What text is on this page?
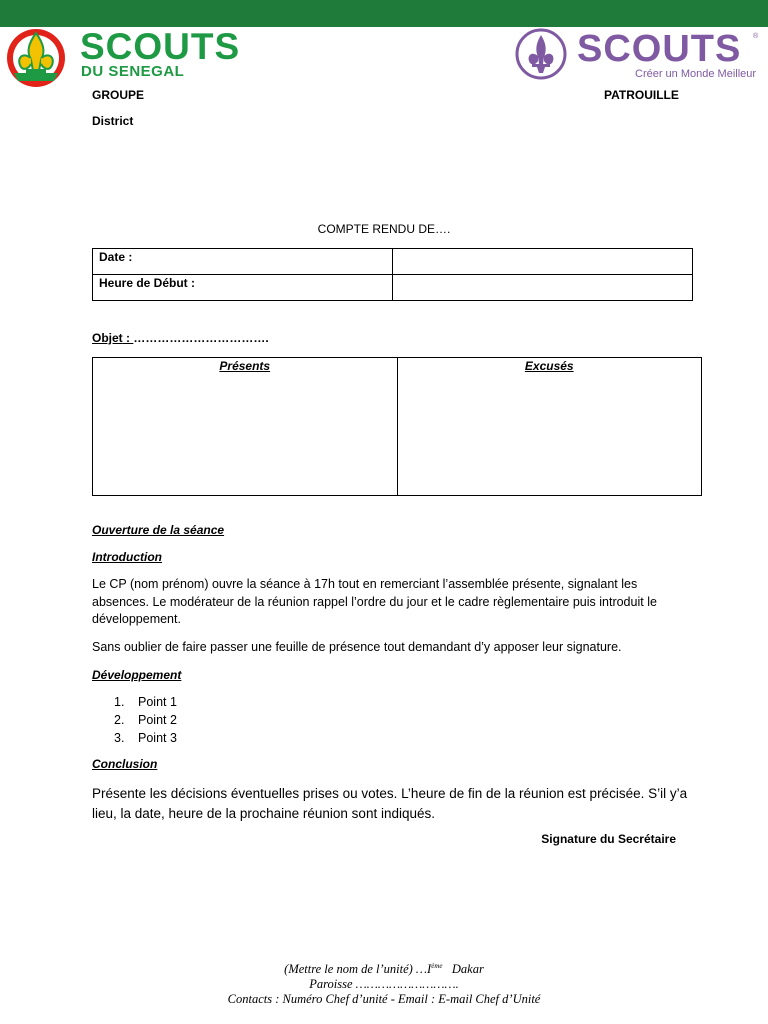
SCOUTS
DU SENEGAL
SCOUTS ®
Créer un Monde Meilleur
GROUPE	PATROUILLE
District
COMPTE RENDU DE….
Date :	
Heure de Début :	
Objet : …………………………….
Présents	Excusés
Ouverture de la séance
Introduction
Le CP (nom prénom) ouvre la séance à 17h tout en remerciant l’assemblée présente, signalant les absences. Le modérateur de la réunion rappel l’ordre du jour et le cadre règlementaire puis introduit le développement.
Sans oublier de faire passer une feuille de présence tout demandant d’y apposer leur signature.
Développement
1. Point 1
2. Point 2
3. Point 3
Conclusion
Présente les décisions éventuelles prises ou votes. L’heure de fin de la réunion est précisée. S’il y’a lieu, la date, heure de la prochaine réunion sont indiqués.
Signature du Secrétaire
(Mettre le nom de l’unité) …Ième   Dakar
Paroisse ……………………….
Contacts : Numéro Chef d’unité - Email : E-mail Chef d’Unité
